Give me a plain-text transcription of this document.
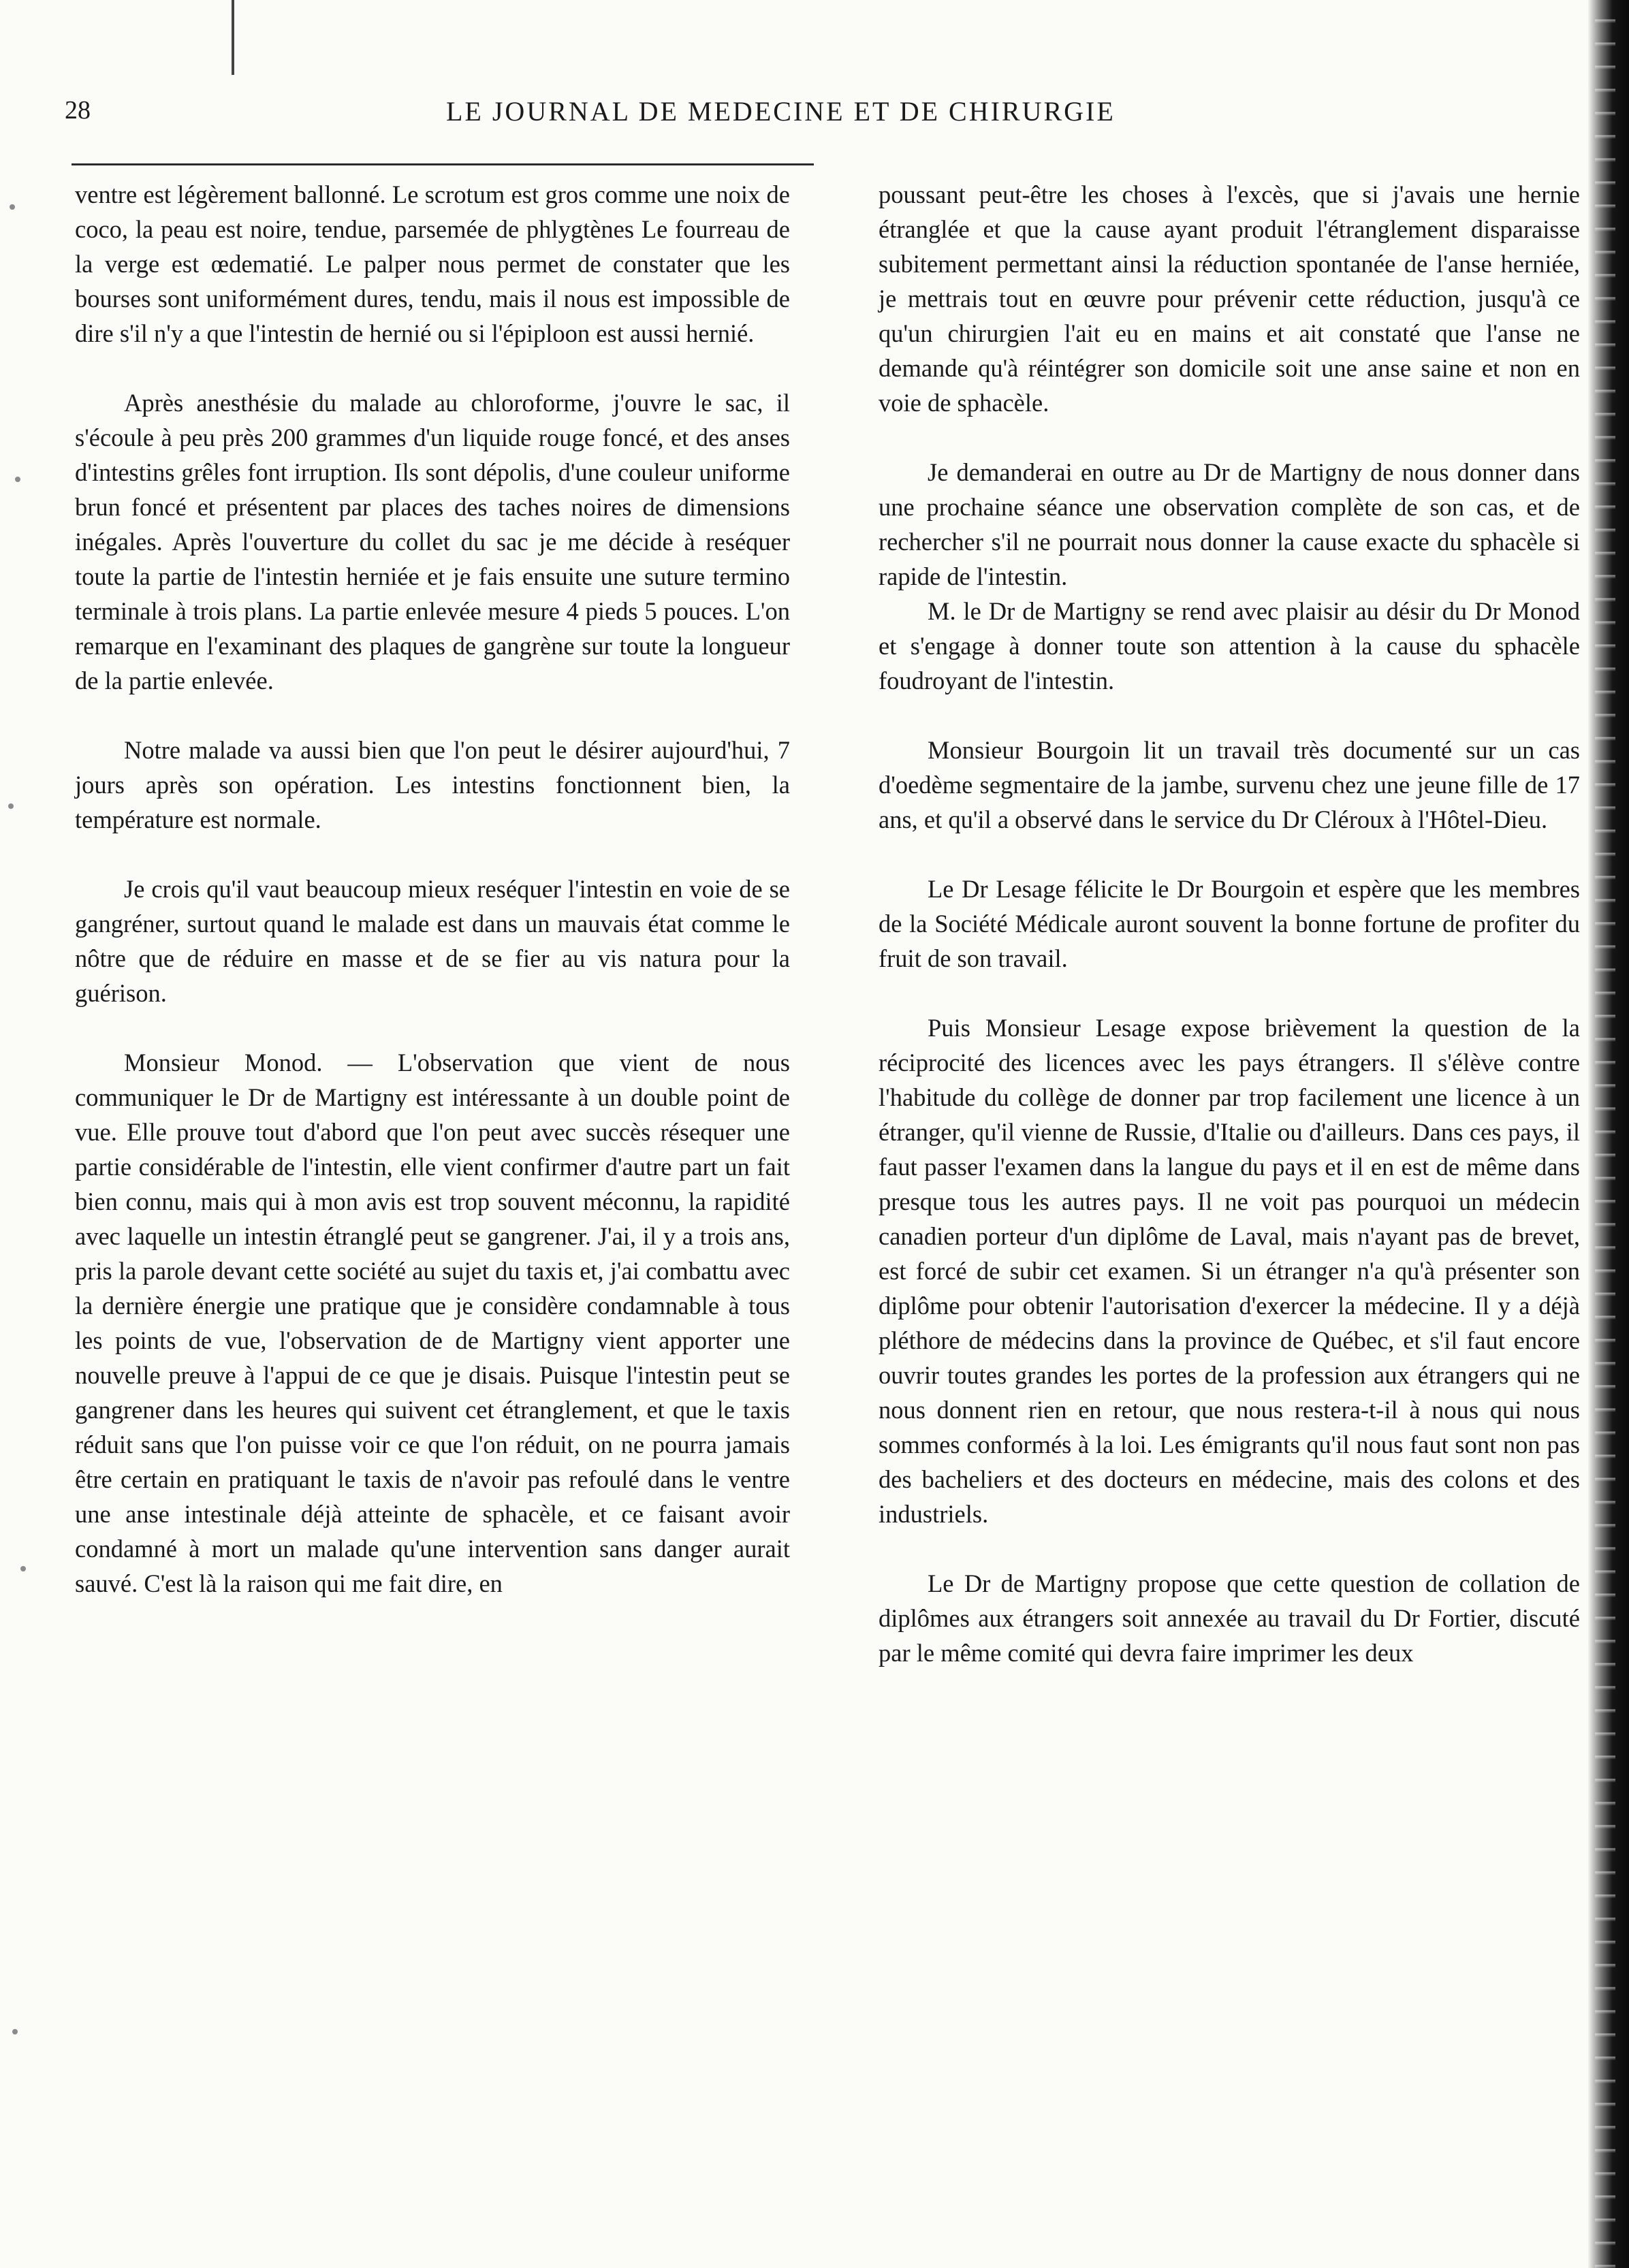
28	LE JOURNAL DE MEDECINE ET DE CHIRURGIE

ventre est légèrement ballonné. Le scrotum est gros comme une noix de coco, la peau est noire, tendue, parsemée de phlygtènes Le fourreau de la verge est œdematié. Le palper nous permet de constater que les bourses sont uniformément dures, tendu, mais il nous est impossible de dire s'il n'y a que l'intestin de hernié ou si l'épiploon est aussi hernié.

Après anesthésie du malade au chloroforme, j'ouvre le sac, il s'écoule à peu près 200 grammes d'un liquide rouge foncé, et des anses d'intestins grêles font irruption. Ils sont dépolis, d'une couleur uniforme brun foncé et présentent par places des taches noires de dimensions inégales. Après l'ouverture du collet du sac je me décide à reséquer toute la partie de l'intestin herniée et je fais ensuite une suture termino terminale à trois plans. La partie enlevée mesure 4 pieds 5 pouces. L'on remarque en l'examinant des plaques de gangrène sur toute la longueur de la partie enlevée.

Notre malade va aussi bien que l'on peut le désirer aujourd'hui, 7 jours après son opération. Les intestins fonctionnent bien, la température est normale.

Je crois qu'il vaut beaucoup mieux reséquer l'intestin en voie de se gangréner, surtout quand le malade est dans un mauvais état comme le nôtre que de réduire en masse et de se fier au vis natura pour la guérison.

Monsieur Monod. — L'observation que vient de nous communiquer le Dr de Martigny est intéressante à un double point de vue. Elle prouve tout d'abord que l'on peut avec succès résequer une partie considérable de l'intestin, elle vient confirmer d'autre part un fait bien connu, mais qui à mon avis est trop souvent méconnu, la rapidité avec laquelle un intestin étranglé peut se gangrener. J'ai, il y a trois ans, pris la parole devant cette société au sujet du taxis et, j'ai combattu avec la dernière énergie une pratique que je considère condamnable à tous les points de vue, l'observation de de Martigny vient apporter une nouvelle preuve à l'appui de ce que je disais. Puisque l'intestin peut se gangrener dans les heures qui suivent cet étranglement, et que le taxis réduit sans que l'on puisse voir ce que l'on réduit, on ne pourra jamais être certain en pratiquant le taxis de n'avoir pas refoulé dans le ventre une anse intestinale déjà atteinte de sphacèle, et ce faisant avoir condamné à mort un malade qu'une intervention sans danger aurait sauvé. C'est là la raison qui me fait dire, en

poussant peut-être les choses à l'excès, que si j'avais une hernie étranglée et que la cause ayant produit l'étranglement disparaisse subitement permettant ainsi la réduction spontanée de l'anse herniée, je mettrais tout en œuvre pour prévenir cette réduction, jusqu'à ce qu'un chirurgien l'ait eu en mains et ait constaté que l'anse ne demande qu'à réintégrer son domicile soit une anse saine et non en voie de sphacèle.

Je demanderai en outre au Dr de Martigny de nous donner dans une prochaine séance une observation complète de son cas, et de rechercher s'il ne pourrait nous donner la cause exacte du sphacèle si rapide de l'intestin.

M. le Dr de Martigny se rend avec plaisir au désir du Dr Monod et s'engage à donner toute son attention à la cause du sphacèle foudroyant de l'intestin.

Monsieur Bourgoin lit un travail très documenté sur un cas d'oedème segmentaire de la jambe, survenu chez une jeune fille de 17 ans, et qu'il a observé dans le service du Dr Cléroux à l'Hôtel-Dieu.

Le Dr Lesage félicite le Dr Bourgoin et espère que les membres de la Société Médicale auront souvent la bonne fortune de profiter du fruit de son travail.

Puis Monsieur Lesage expose brièvement la question de la réciprocité des licences avec les pays étrangers. Il s'élève contre l'habitude du collège de donner par trop facilement une licence à un étranger, qu'il vienne de Russie, d'Italie ou d'ailleurs. Dans ces pays, il faut passer l'examen dans la langue du pays et il en est de même dans presque tous les autres pays. Il ne voit pas pourquoi un médecin canadien porteur d'un diplôme de Laval, mais n'ayant pas de brevet, est forcé de subir cet examen. Si un étranger n'a qu'à présenter son diplôme pour obtenir l'autorisation d'exercer la médecine. Il y a déjà pléthore de médecins dans la province de Québec, et s'il faut encore ouvrir toutes grandes les portes de la profession aux étrangers qui ne nous donnent rien en retour, que nous restera-t-il à nous qui nous sommes conformés à la loi. Les émigrants qu'il nous faut sont non pas des bacheliers et des docteurs en médecine, mais des colons et des industriels.

Le Dr de Martigny propose que cette question de collation de diplômes aux étrangers soit annexée au travail du Dr Fortier, discuté par le même comité qui devra faire imprimer les deux
